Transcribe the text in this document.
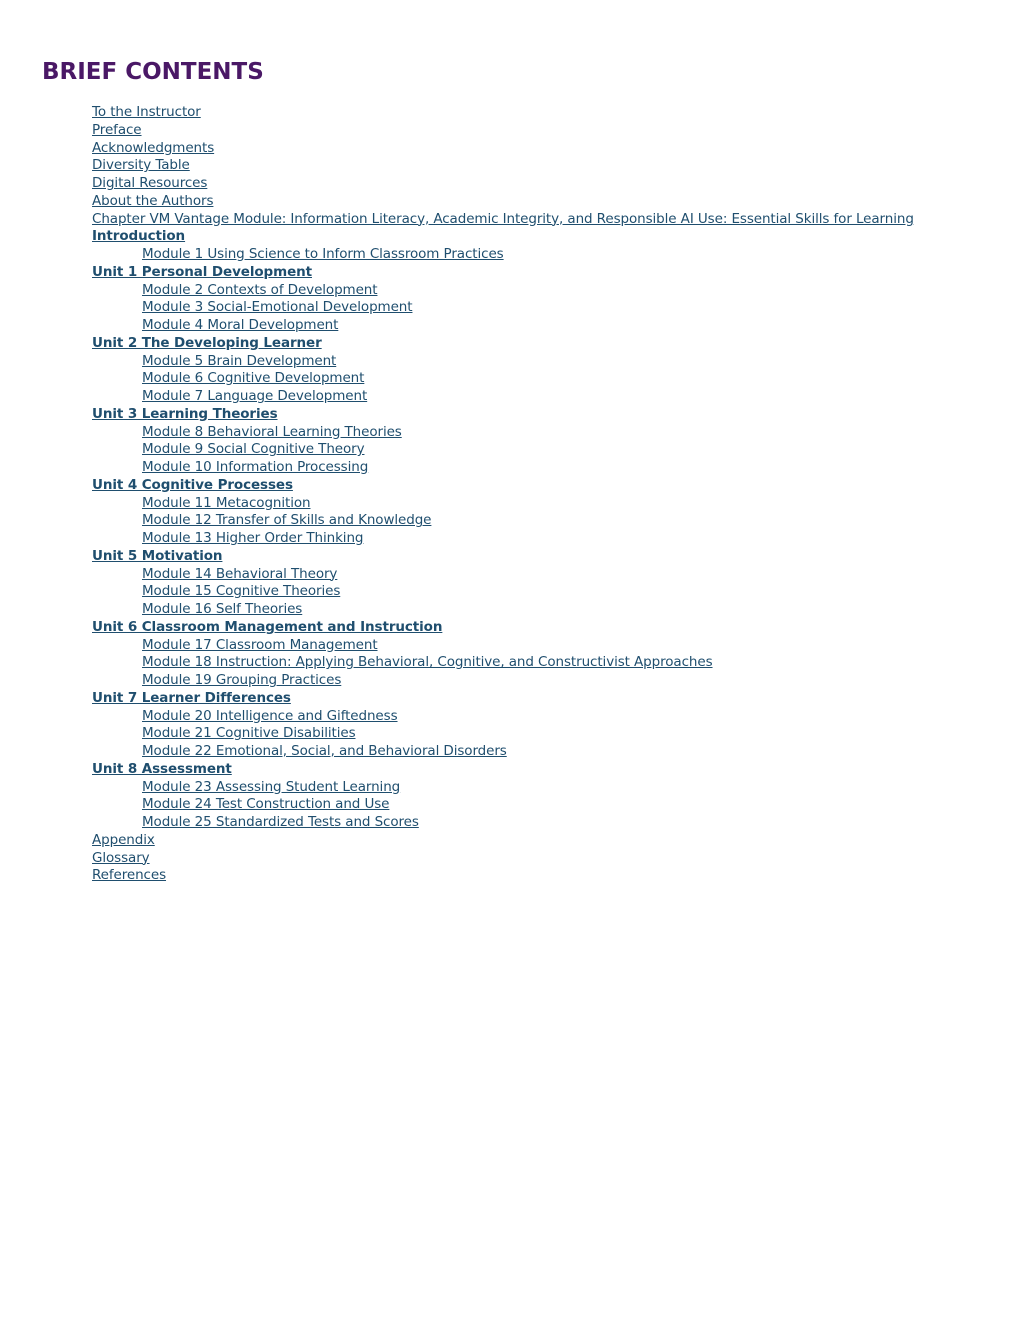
BRIEF CONTENTS
To the Instructor
Preface
Acknowledgments
Diversity Table
Digital Resources
About the Authors
Chapter VM Vantage Module: Information Literacy, Academic Integrity, and Responsible AI Use: Essential Skills for Learning
Introduction
Module 1 Using Science to Inform Classroom Practices
Unit 1 Personal Development
Module 2 Contexts of Development
Module 3 Social-Emotional Development
Module 4 Moral Development
Unit 2 The Developing Learner
Module 5 Brain Development
Module 6 Cognitive Development
Module 7 Language Development
Unit 3 Learning Theories
Module 8 Behavioral Learning Theories
Module 9 Social Cognitive Theory
Module 10 Information Processing
Unit 4 Cognitive Processes
Module 11 Metacognition
Module 12 Transfer of Skills and Knowledge
Module 13 Higher Order Thinking
Unit 5 Motivation
Module 14 Behavioral Theory
Module 15 Cognitive Theories
Module 16 Self Theories
Unit 6 Classroom Management and Instruction
Module 17 Classroom Management
Module 18 Instruction: Applying Behavioral, Cognitive, and Constructivist Approaches
Module 19 Grouping Practices
Unit 7 Learner Differences
Module 20 Intelligence and Giftedness
Module 21 Cognitive Disabilities
Module 22 Emotional, Social, and Behavioral Disorders
Unit 8 Assessment
Module 23 Assessing Student Learning
Module 24 Test Construction and Use
Module 25 Standardized Tests and Scores
Appendix
Glossary
References
